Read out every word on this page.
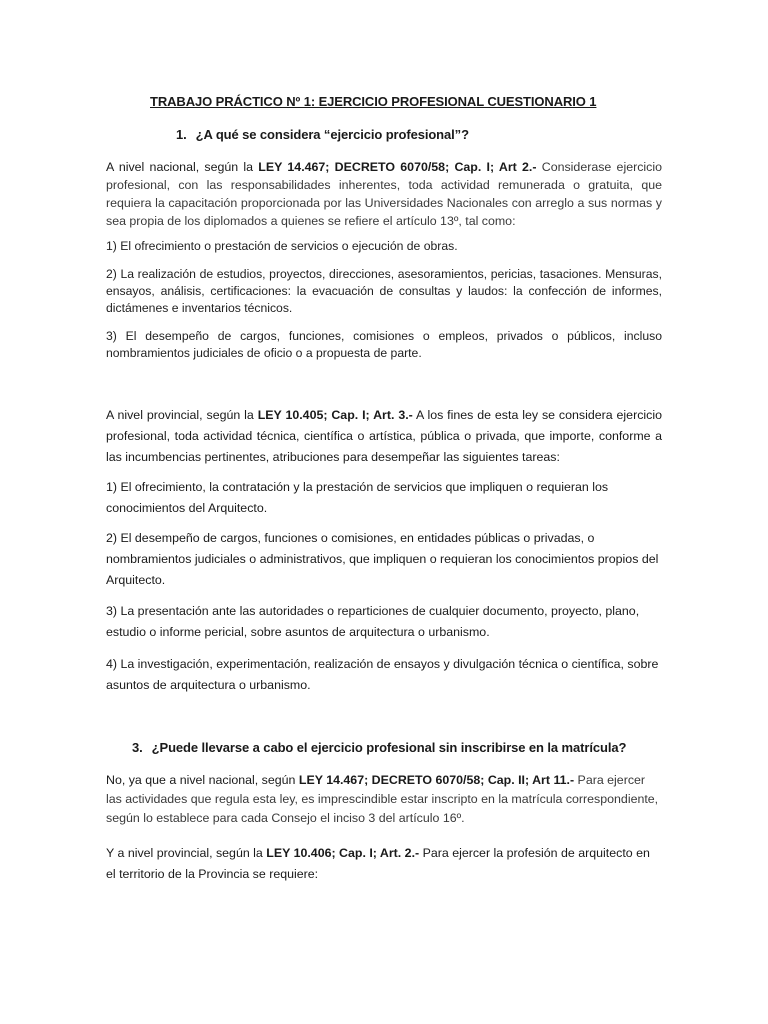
TRABAJO PRÁCTICO Nº 1: EJERCICIO PROFESIONAL CUESTIONARIO 1
1. ¿A qué se considera “ejercicio profesional”?

A nivel nacional, según la LEY 14.467; DECRETO 6070/58; Cap. I; Art 2.- Considerase ejercicio profesional, con las responsabilidades inherentes, toda actividad remunerada o gratuita, que requiera la capacitación proporcionada por las Universidades Nacionales con arreglo a sus normas y sea propia de los diplomados a quienes se refiere el artículo 13º, tal como:

1) El ofrecimiento o prestación de servicios o ejecución de obras.

2) La realización de estudios, proyectos, direcciones, asesoramientos, pericias, tasaciones. Mensuras, ensayos, análisis, certificaciones: la evacuación de consultas y laudos: la confección de informes, dictámenes e inventarios técnicos.

3) El desempeño de cargos, funciones, comisiones o empleos, privados o públicos, incluso nombramientos judiciales de oficio o a propuesta de parte.

A nivel provincial, según la LEY 10.405; Cap. I; Art. 3.- A los fines de esta ley se considera ejercicio profesional, toda actividad técnica, científica o artística, pública o privada, que importe, conforme a las incumbencias pertinentes, atribuciones para desempeñar las siguientes tareas:

1) El ofrecimiento, la contratación y la prestación de servicios que impliquen o requieran los conocimientos del Arquitecto.

2) El desempeño de cargos, funciones o comisiones, en entidades públicas o privadas, o nombramientos judiciales o administrativos, que impliquen o requieran los conocimientos propios del Arquitecto.

3) La presentación ante las autoridades o reparticiones de cualquier documento, proyecto, plano, estudio o informe pericial, sobre asuntos de arquitectura o urbanismo.

4) La investigación, experimentación, realización de ensayos y divulgación técnica o científica, sobre asuntos de arquitectura o urbanismo.

3. ¿Puede llevarse a cabo el ejercicio profesional sin inscribirse en la matrícula?

No, ya que a nivel nacional, según LEY 14.467; DECRETO 6070/58; Cap. II; Art 11.- Para ejercer las actividades que regula esta ley, es imprescindible estar inscripto en la matrícula correspondiente, según lo establece para cada Consejo el inciso 3 del artículo 16º.

Y a nivel provincial, según la LEY 10.406; Cap. I; Art. 2.- Para ejercer la profesión de arquitecto en el territorio de la Provincia se requiere:
